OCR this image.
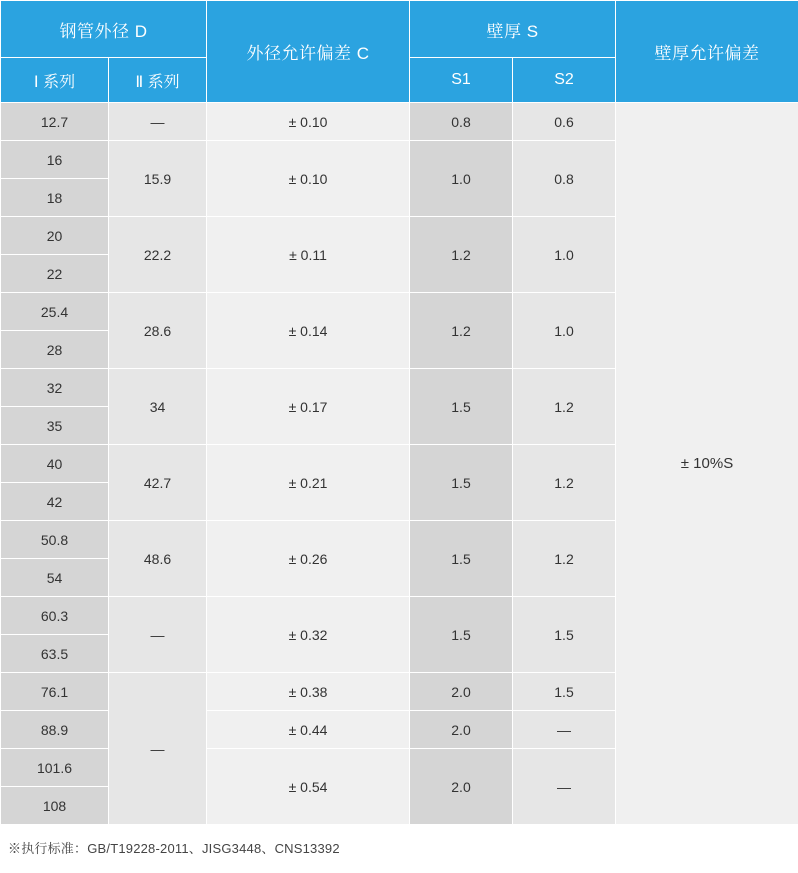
钢管外径 D		外径允许偏差 C	壁厚 S		壁厚允许偏差
Ⅰ 系列	Ⅱ 系列		S1	S2	
12.7	—	± 0.10	0.8	0.6	± 10%S
16	15.9	± 0.10	1.0	0.8	
18					
20	22.2	± 0.11	1.2	1.0	
22					
25.4	28.6	± 0.14	1.2	1.0	
28					
32	34	± 0.17	1.5	1.2	
35					
40	42.7	± 0.21	1.5	1.2	
42					
50.8	48.6	± 0.26	1.5	1.2	
54					
60.3	—	± 0.32	1.5	1.5	
63.5					
76.1	—	± 0.38	2.0	1.5	
88.9		± 0.44	2.0	—	
101.6		± 0.54	2.0	—	
108					
※执行标准：GB/T19228-2011、JISG3448、CNS13392
